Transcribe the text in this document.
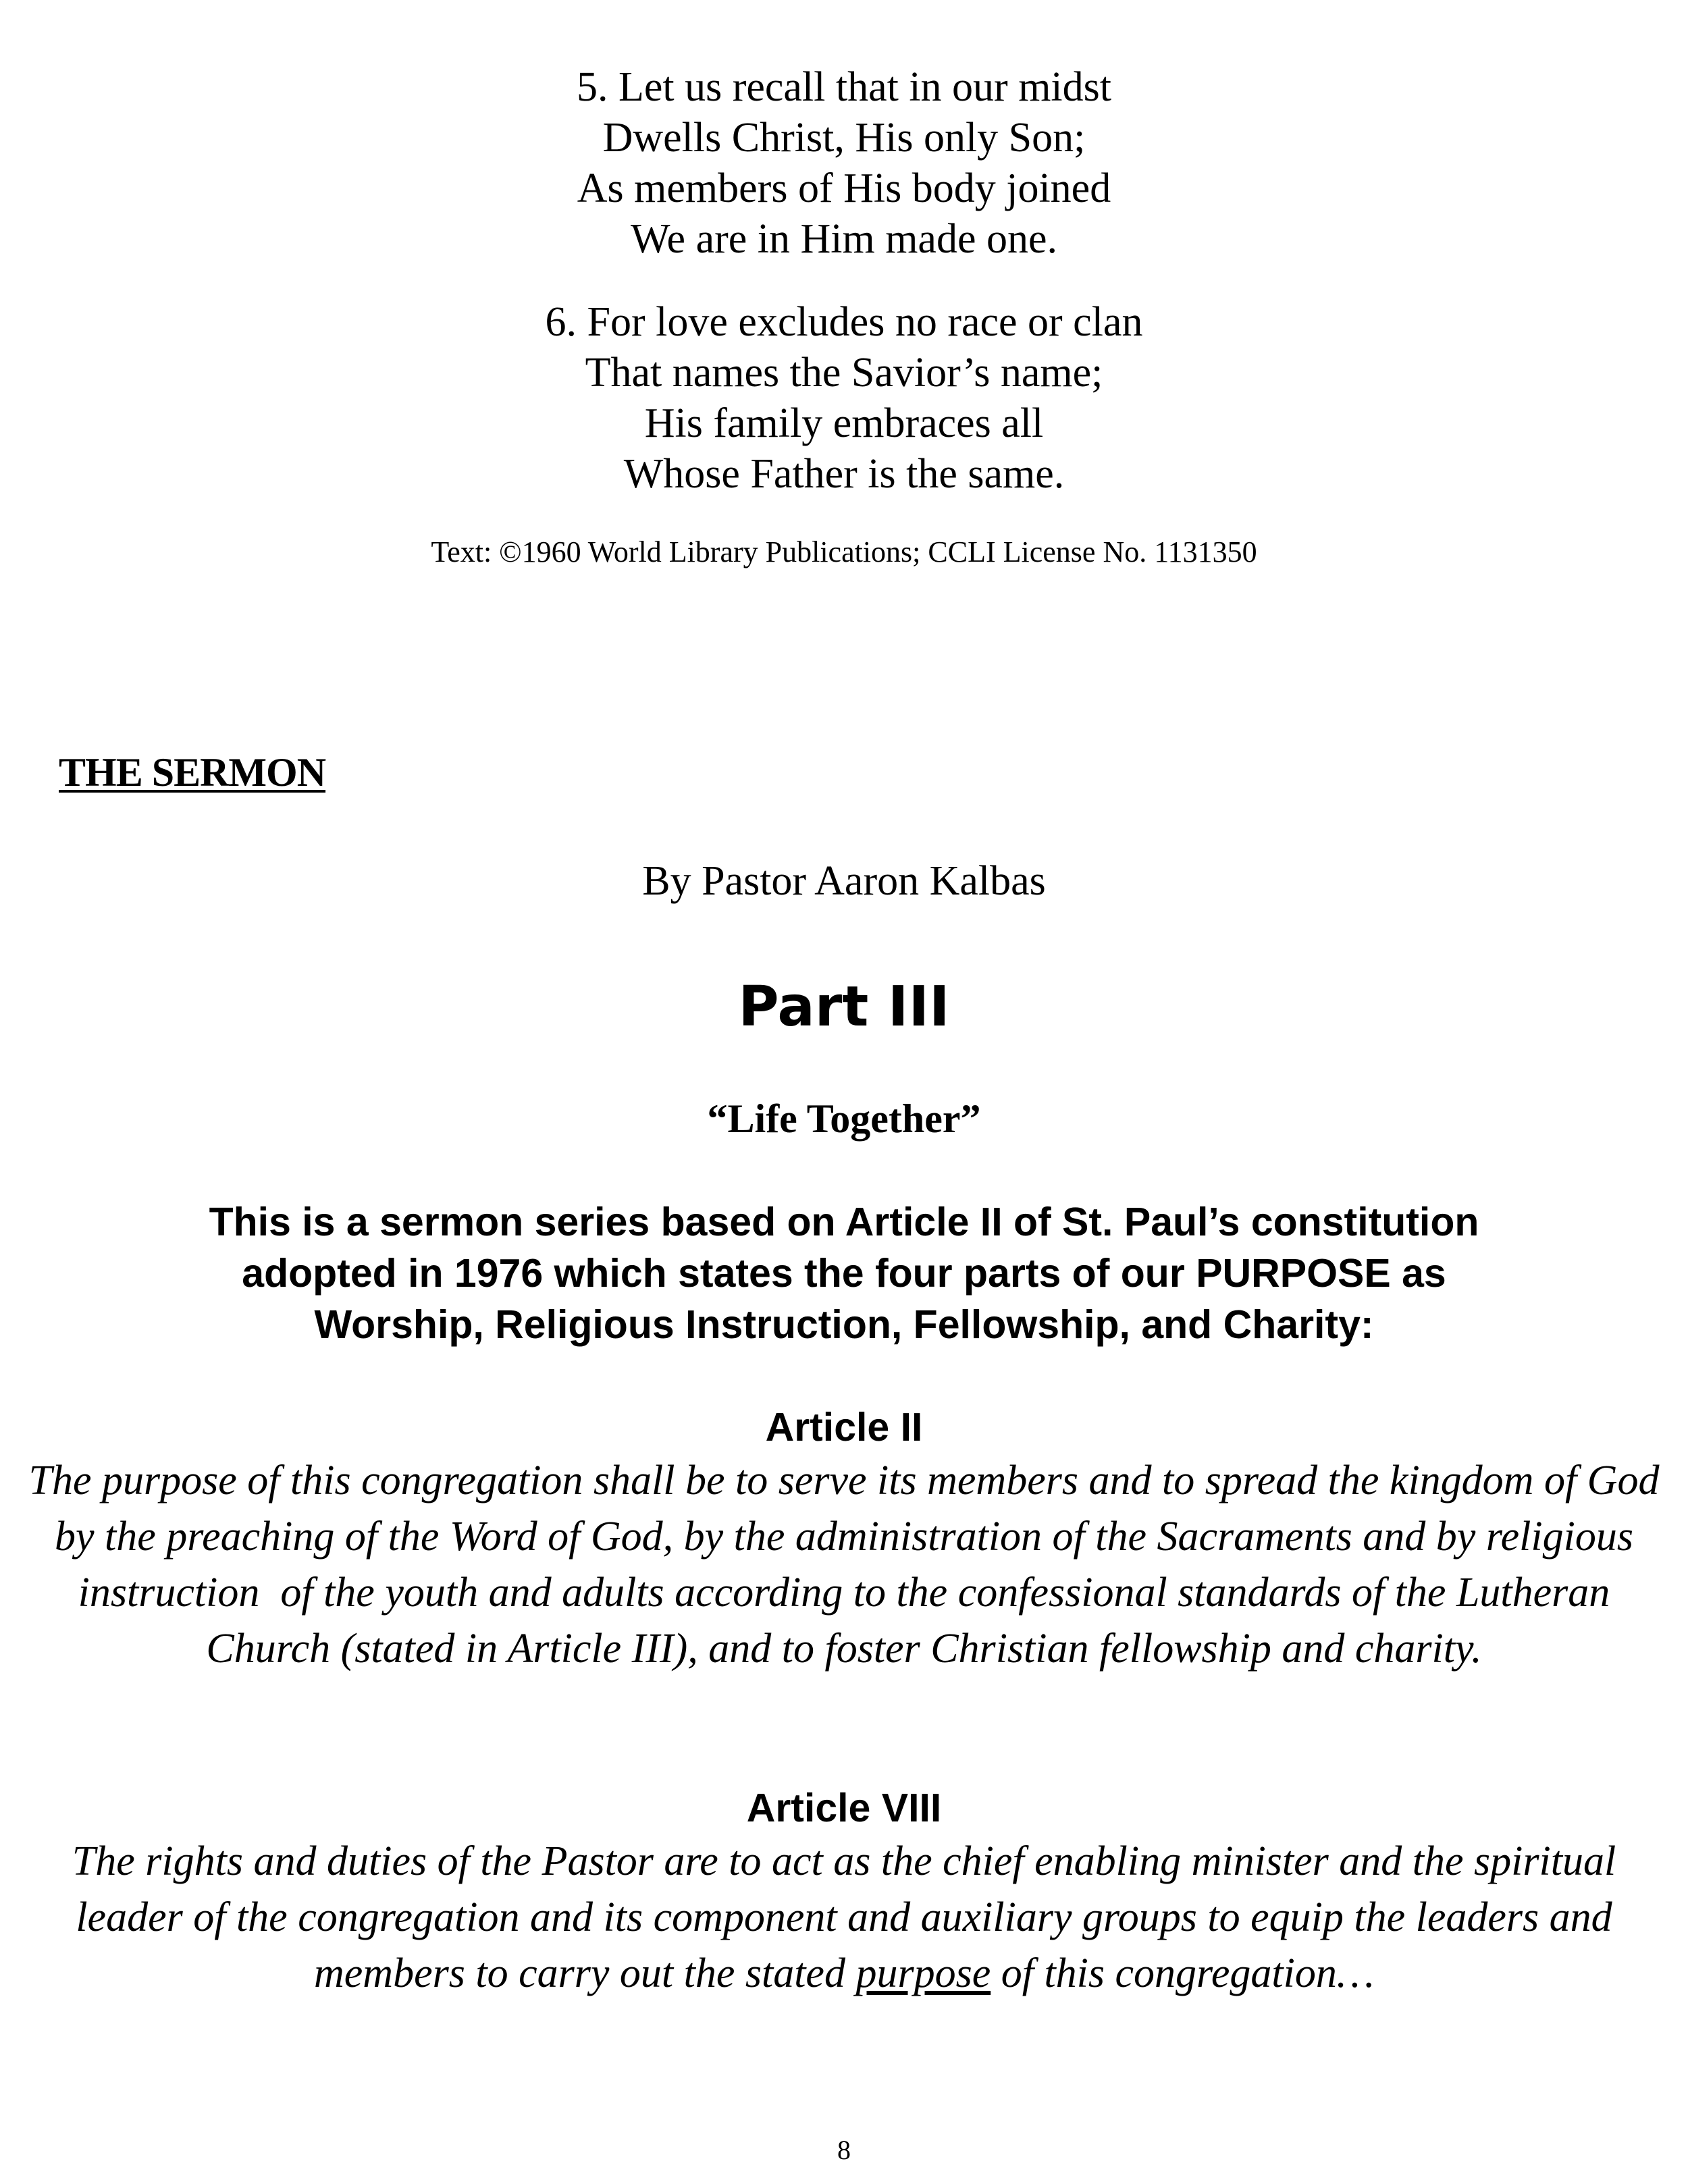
5. Let us recall that in our midst
Dwells Christ, His only Son;
As members of His body joined
We are in Him made one.
6. For love excludes no race or clan
That names the Savior’s name;
His family embraces all
Whose Father is the same.
Text: ©1960 World Library Publications; CCLI License No. 1131350
THE SERMON
By Pastor Aaron Kalbas
Part III
“Life Together”
This is a sermon series based on Article II of St. Paul’s constitution
adopted in 1976 which states the four parts of our PURPOSE as
Worship, Religious Instruction, Fellowship, and Charity:
Article II
The purpose of this congregation shall be to serve its members and to spread the kingdom of God
by the preaching of the Word of God, by the administration of the Sacraments and by religious
instruction  of the youth and adults according to the confessional standards of the Lutheran
Church (stated in Article III), and to foster Christian fellowship and charity.
Article VIII
The rights and duties of the Pastor are to act as the chief enabling minister and the spiritual
leader of the congregation and its component and auxiliary groups to equip the leaders and
members to carry out the stated purpose of this congregation…
8
